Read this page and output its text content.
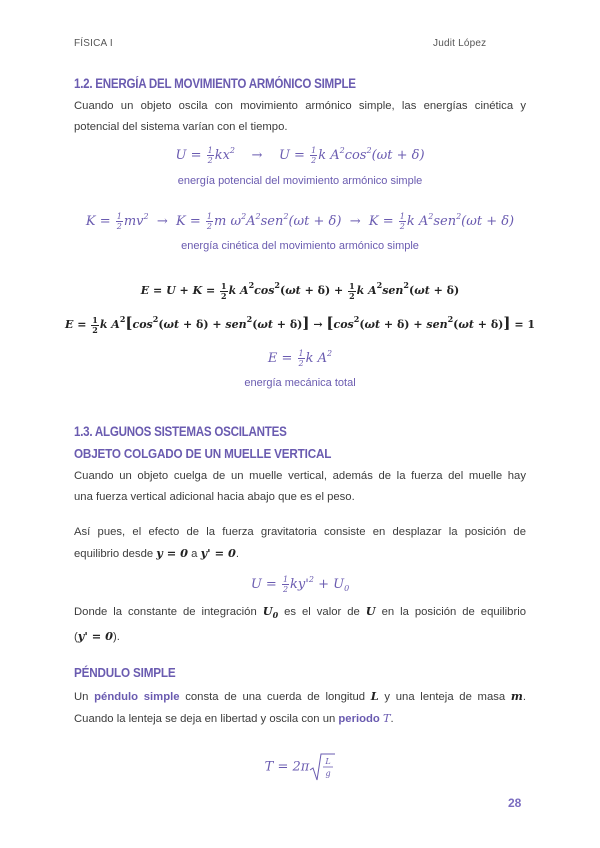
FÍSICA I	Judit López
1.2. ENERGÍA DEL MOVIMIENTO ARMÓNICO SIMPLE
Cuando un objeto oscila con movimiento armónico simple, las energías cinética y
potencial del sistema varían con el tiempo.
$U = \frac{1}{2} kx^2$    →    $U = \frac{1}{2}$ k $A^2\cos^2(\omega t + \delta)$
energía potencial del movimiento armónico simple
$K = \frac{1}{2} mv^2 \to K = \frac{1}{2}$ m $\omega^2A^2sen^2(\omega t + \delta) \to K = \frac{1}{2}$ k $A^2sen^2(\omega t + \delta)$
energía cinética del movimiento armónico simple
$E = U + K = \frac{1}{2}$ k $A^2\cos^2(\omega t + \delta) + \frac{1}{2}$ k $A^2sen^2(\omega t + \delta)$
$E = \frac{1}{2}$ k $A^2[\cos^2(\omega t + \delta) + sen^2(\omega t + \delta)] \to [\cos^2(\omega t + \delta) + sen^2(\omega t + \delta)] = 1$
$E = \frac{1}{2}$ k $A^2$
energía mecánica total
1.3. ALGUNOS SISTEMAS OSCILANTES
OBJETO COLGADO DE UN MUELLE VERTICAL
Cuando un objeto cuelga de un muelle vertical, además de la fuerza del muelle hay
una fuerza vertical adicional hacia abajo que es el peso.
Así pues, el efecto de la fuerza gravitatoria consiste en desplazar la posición de
equilibrio desde y = 0 a y' = 0.
$U = \frac{1}{2} ky'^2 + U_0$
Donde la constante de integración $U_0$ es el valor de U en la posición de equilibrio
(y' = 0).
PÉNDULO SIMPLE
Un péndulo simple consta de una cuerda de longitud L y una lenteja de masa m.
Cuando la lenteja se deja en libertad y oscila con un periodo T.
T = 2π L
g
28
